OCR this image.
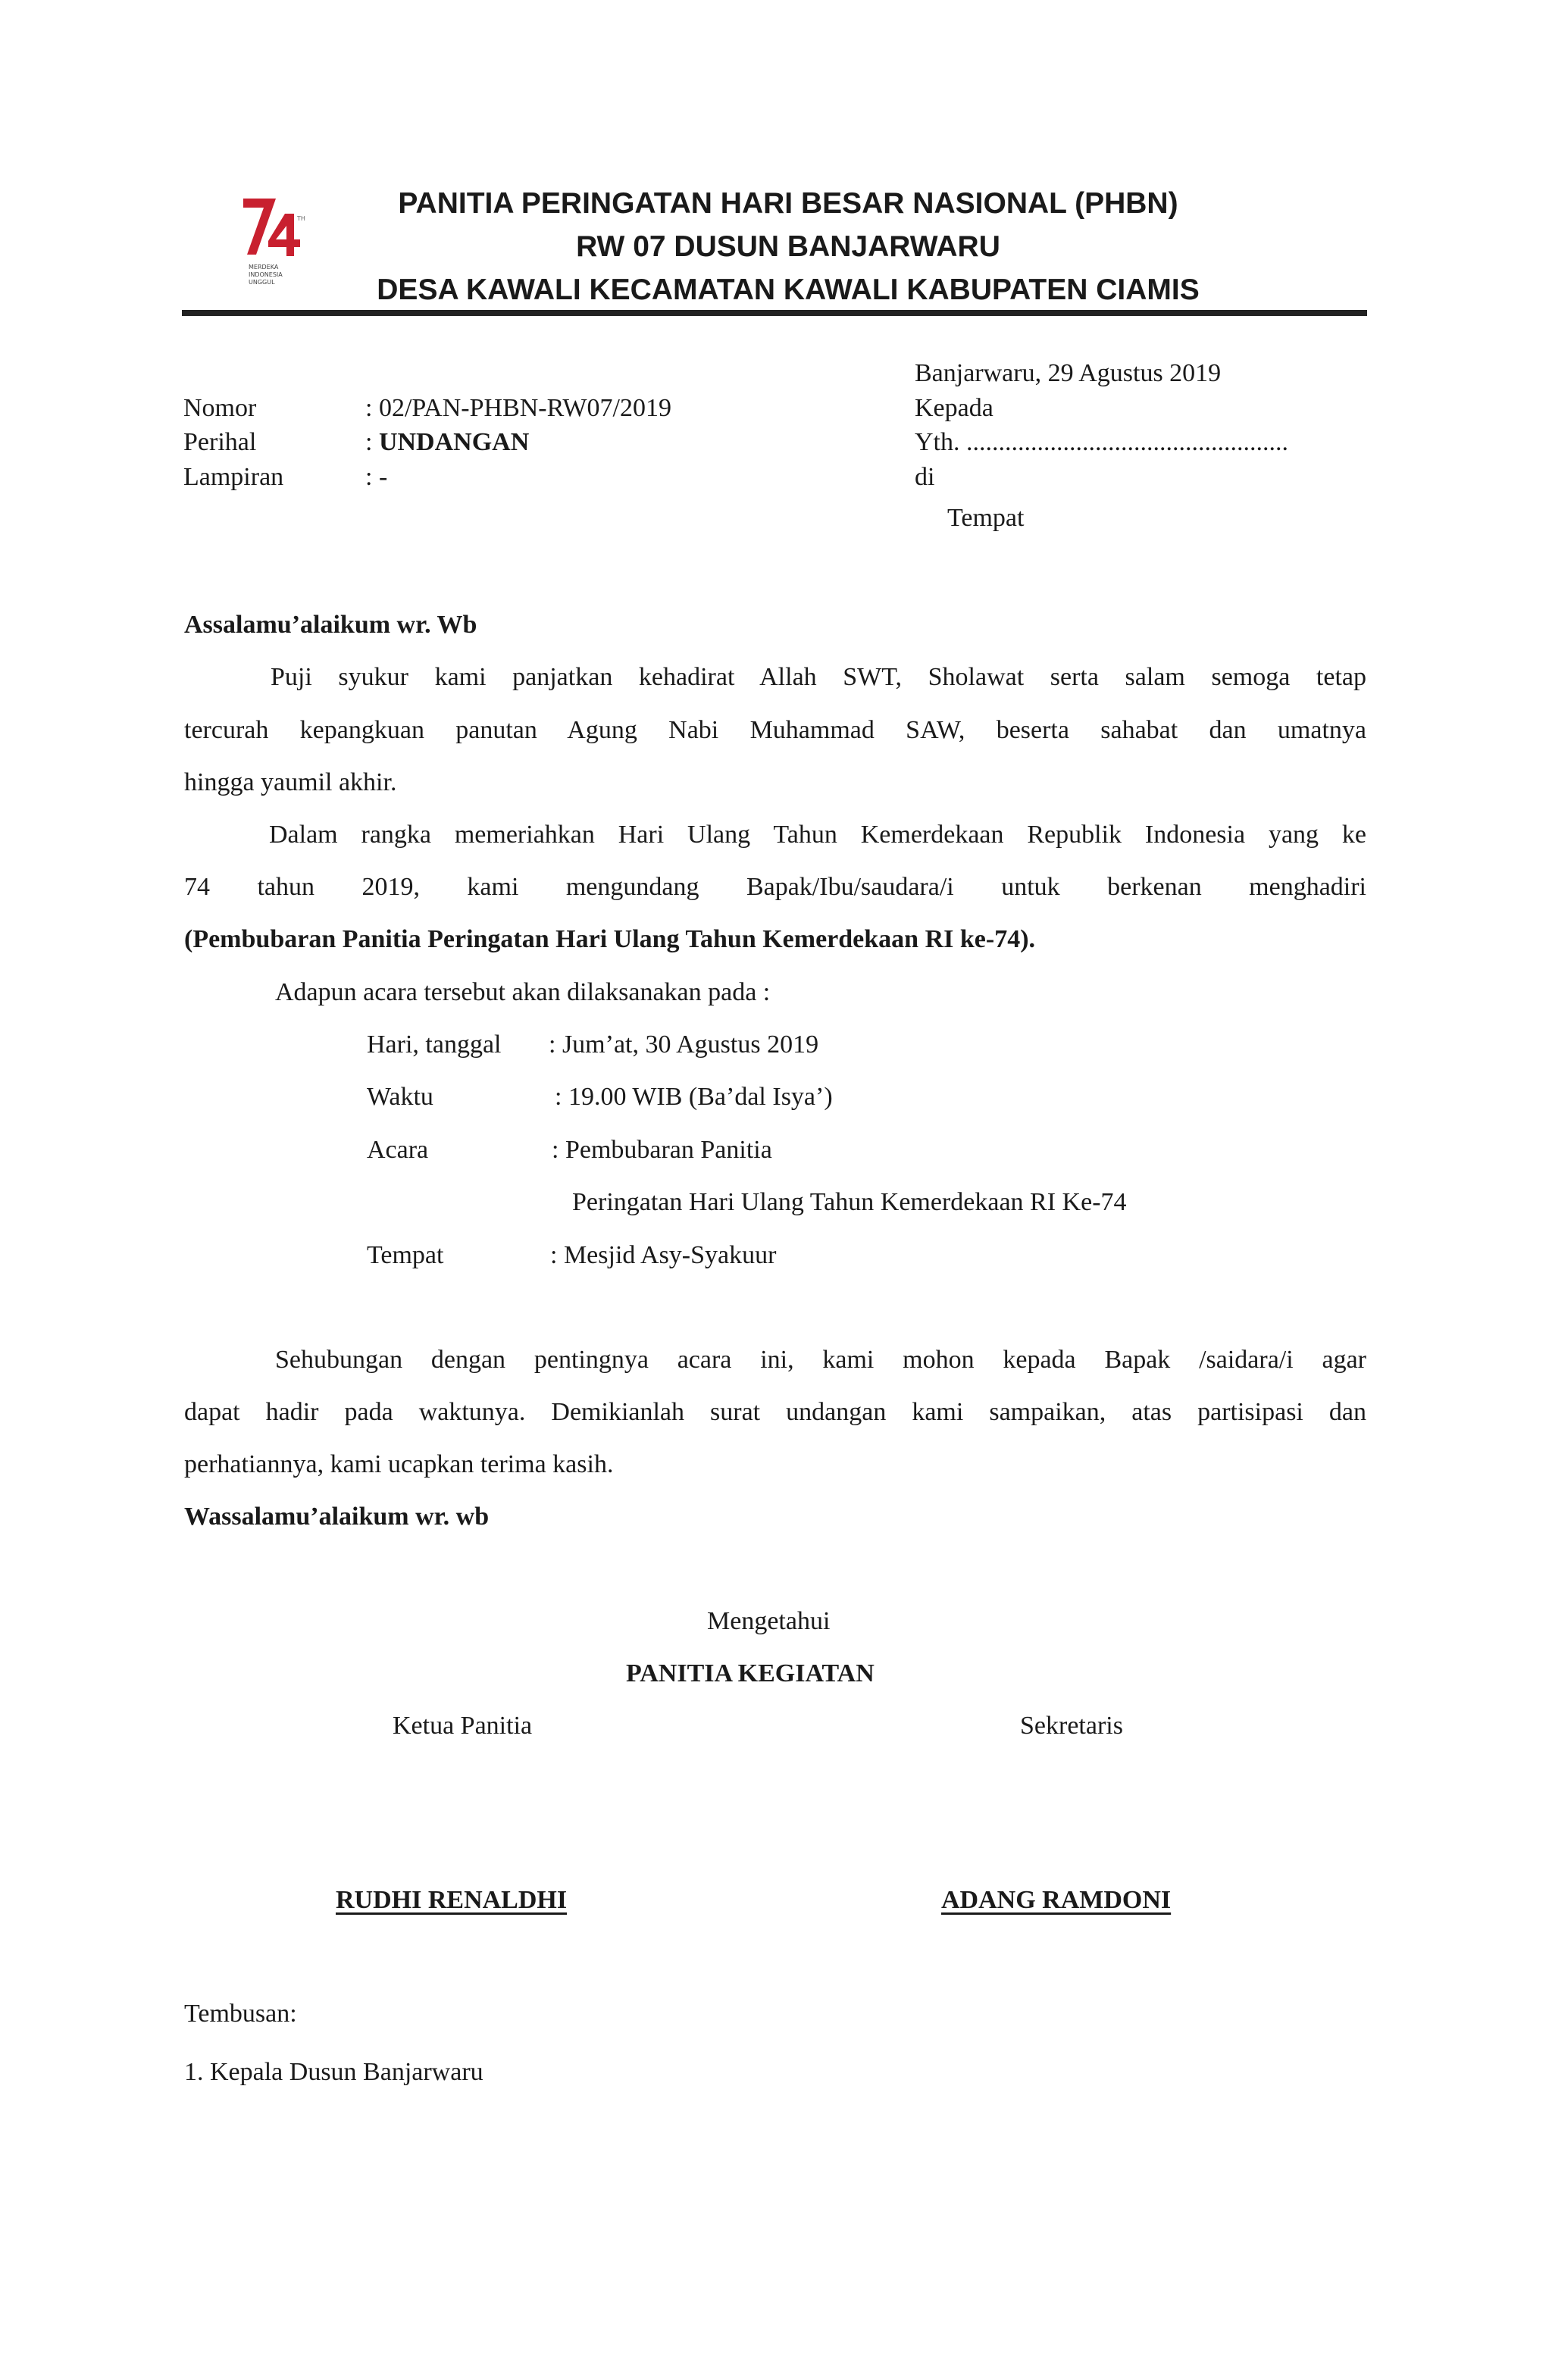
TH
MERDEKA
INDONESIA
UNGGUL
PANITIA PERINGATAN HARI BESAR NASIONAL (PHBN)
RW 07 DUSUN BANJARWARU
DESA KAWALI KECAMATAN KAWALI KABUPATEN CIAMIS
Nomor	: 02/PAN-PHBN-RW07/2019
Perihal	: UNDANGAN
Lampiran	: -
Banjarwaru, 29 Agustus 2019
Kepada
Yth. ..................................................
di
Tempat
Assalamu’alaikum wr. Wb
Puji syukur kami panjatkan kehadirat Allah SWT, Sholawat serta salam semoga tetap
tercurah kepangkuan panutan Agung Nabi Muhammad SAW, beserta sahabat dan umatnya
hingga yaumil akhir.
Dalam rangka memeriahkan Hari Ulang Tahun Kemerdekaan Republik Indonesia yang ke
74 tahun 2019, kami mengundang Bapak/Ibu/saudara/i untuk berkenan menghadiri
(Pembubaran Panitia Peringatan Hari Ulang Tahun Kemerdekaan RI ke-74).
Adapun acara tersebut akan dilaksanakan pada :
Hari, tanggal : Jum’at, 30 Agustus 2019
Waktu	: 19.00 WIB (Ba’dal Isya’)
Acara	: Pembubaran Panitia
Peringatan Hari Ulang Tahun Kemerdekaan RI Ke-74
Tempat	: Mesjid Asy-Syakuur
Sehubungan dengan pentingnya acara ini, kami mohon kepada Bapak /saidara/i agar
dapat hadir pada waktunya. Demikianlah surat undangan kami sampaikan, atas partisipasi dan
perhatiannya, kami ucapkan terima kasih.
Wassalamu’alaikum wr. wb
Mengetahui
PANITIA KEGIATAN
Ketua Panitia	Sekretaris
RUDHI RENALDHI	ADANG RAMDONI
Tembusan:
1. Kepala Dusun Banjarwaru
